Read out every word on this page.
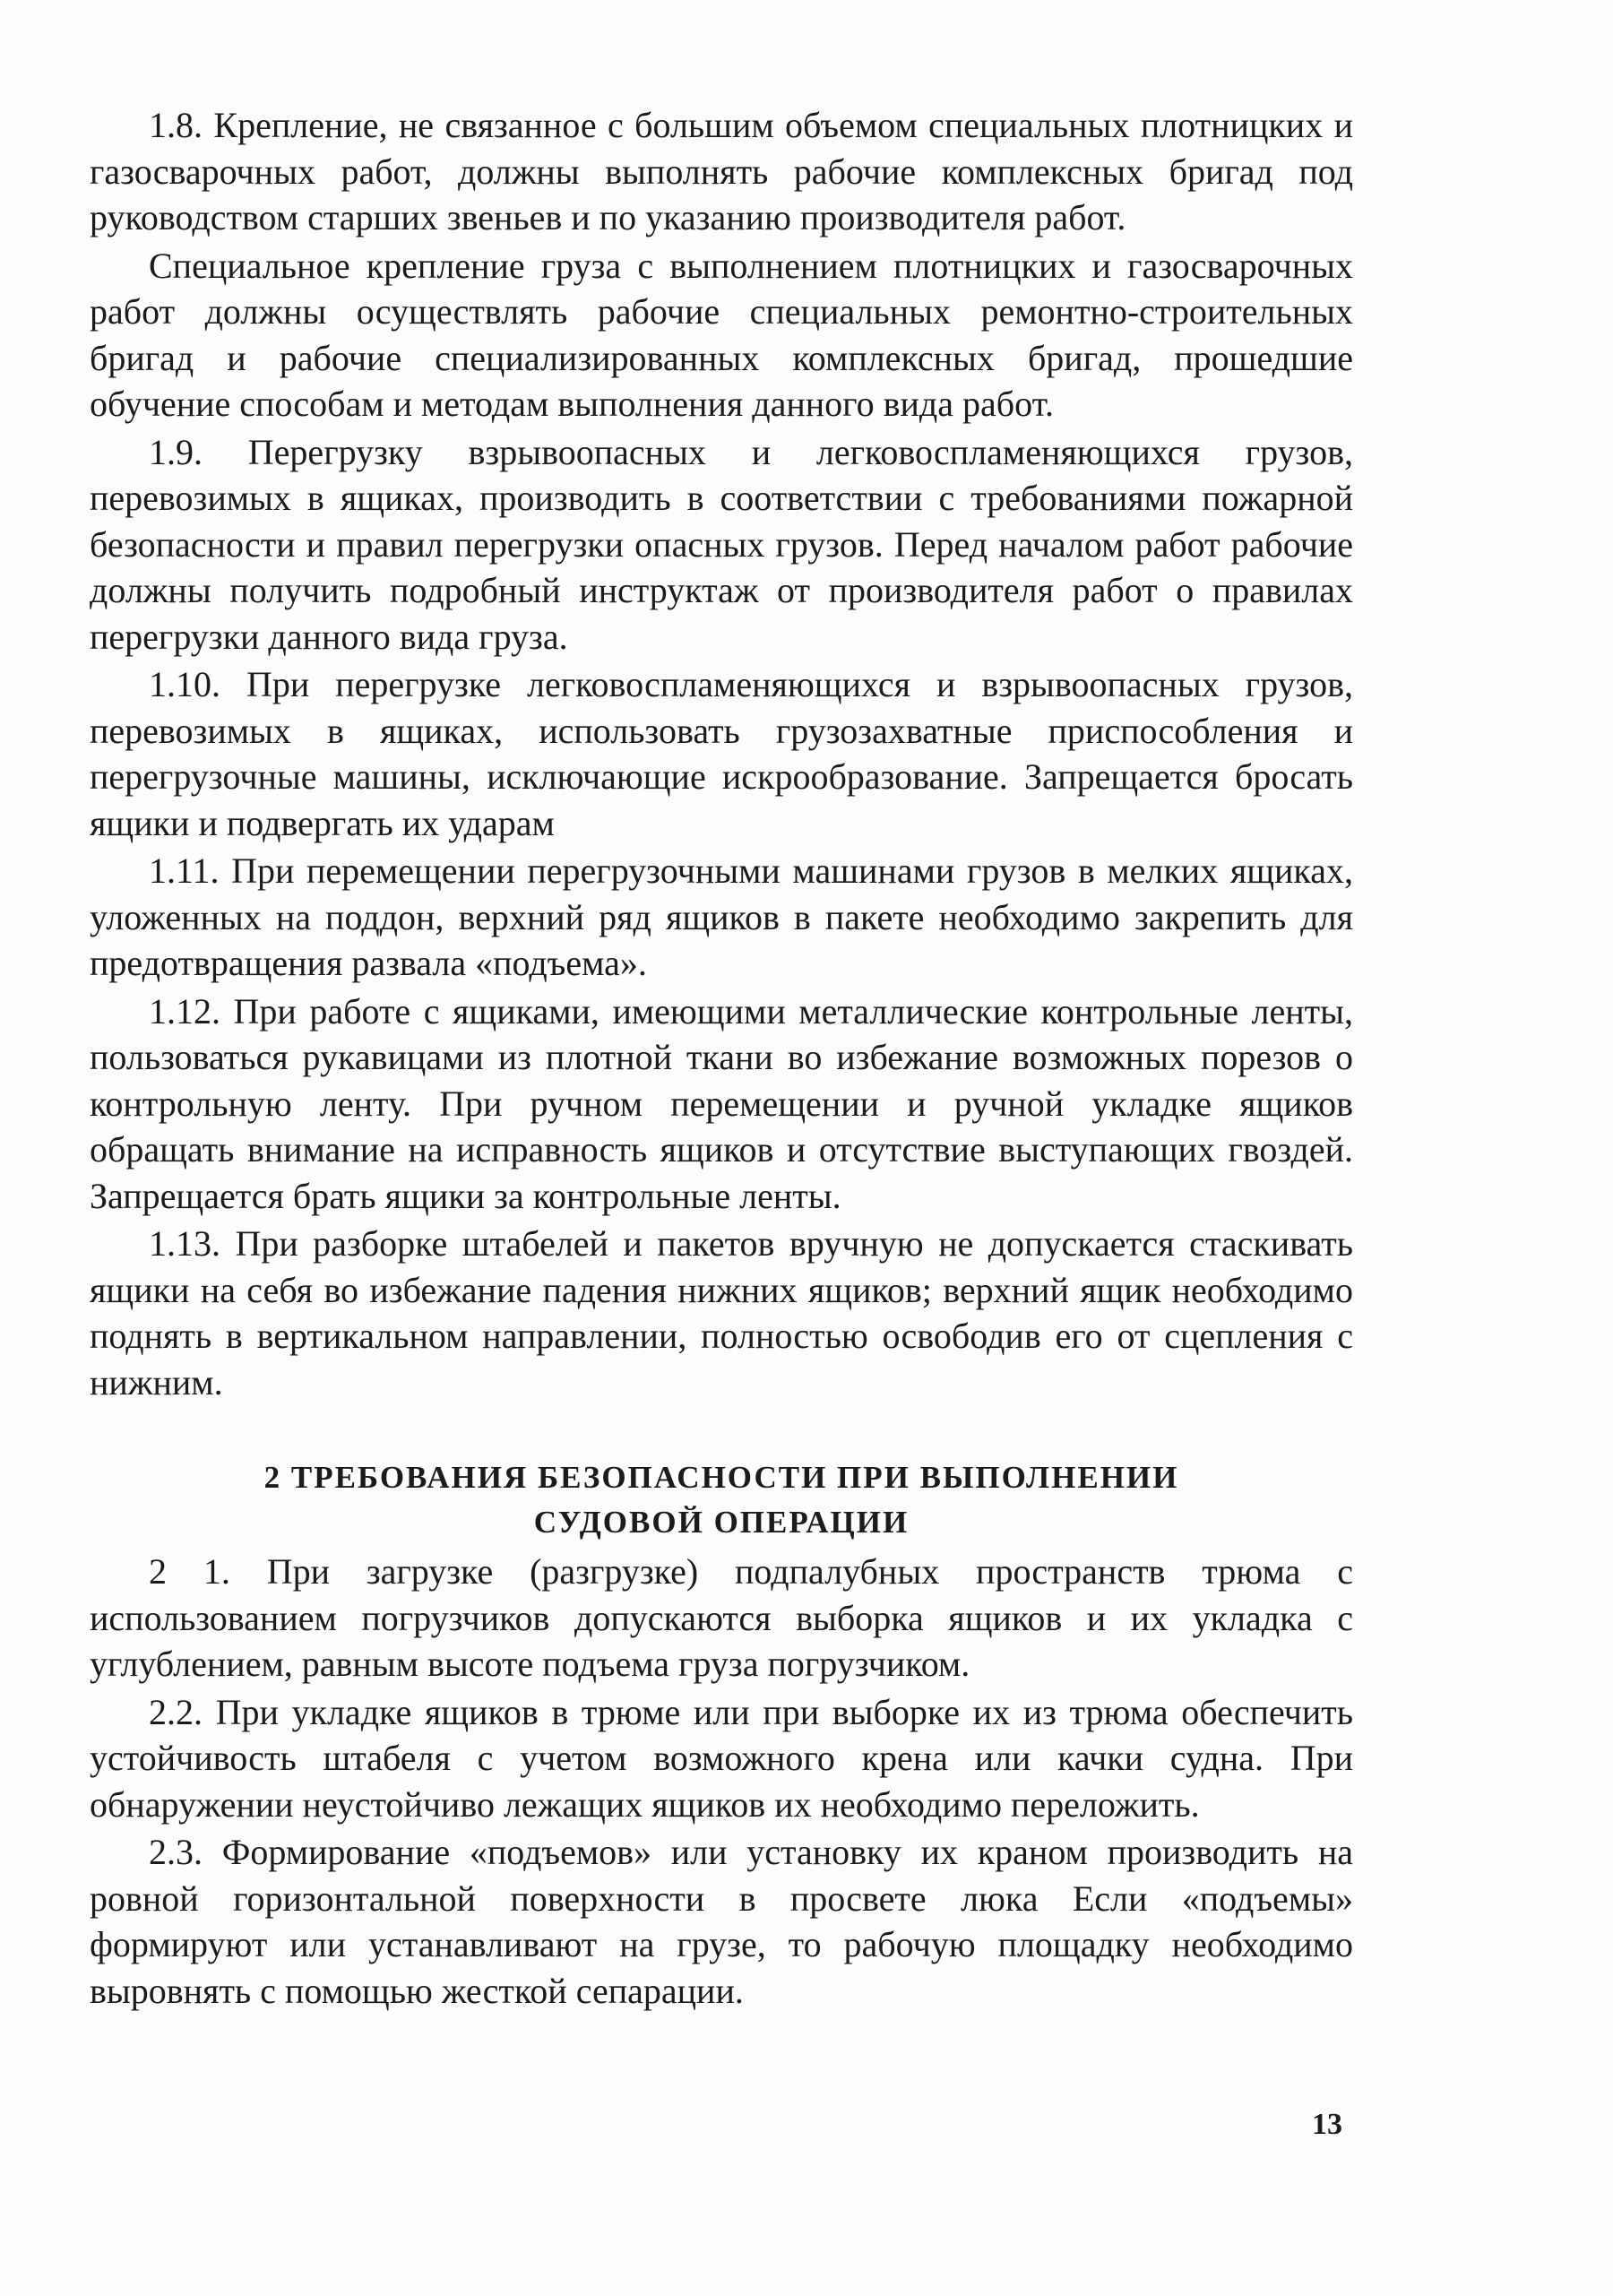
1.8. Крепление, не связанное с большим объемом специальных плотницких и газосварочных работ, должны выполнять рабочие комплексных бригад под руководством старших звеньев и по указанию производителя работ.

Специальное крепление груза с выполнением плотницких и газосварочных работ должны осуществлять рабочие специальных ремонтно-строительных бригад и рабочие специализированных комплексных бригад, прошедшие обучение способам и методам выполнения данного вида работ.

1.9. Перегрузку взрывоопасных и легковоспламеняющихся грузов, перевозимых в ящиках, производить в соответствии с требованиями пожарной безопасности и правил перегрузки опасных грузов. Перед началом работ рабочие должны получить подробный инструктаж от производителя работ о правилах перегрузки данного вида груза.

1.10. При перегрузке легковоспламеняющихся и взрывоопасных грузов, перевозимых в ящиках, использовать грузозахватные приспособления и перегрузочные машины, исключающие искрообразование. Запрещается бросать ящики и подвергать их ударам

1.11. При перемещении перегрузочными машинами грузов в мелких ящиках, уложенных на поддон, верхний ряд ящиков в пакете необходимо закрепить для предотвращения развала «подъема».

1.12. При работе с ящиками, имеющими металлические контрольные ленты, пользоваться рукавицами из плотной ткани во избежание возможных порезов о контрольную ленту. При ручном перемещении и ручной укладке ящиков обращать внимание на исправность ящиков и отсутствие выступающих гвоздей. Запрещается брать ящики за контрольные ленты.

1.13. При разборке штабелей и пакетов вручную не допускается стаскивать ящики на себя во избежание падения нижних ящиков; верхний ящик необходимо поднять в вертикальном направлении, полностью освободив его от сцепления с нижним.

2 ТРЕБОВАНИЯ БЕЗОПАСНОСТИ ПРИ ВЫПОЛНЕНИИ
СУДОВОЙ ОПЕРАЦИИ

2 1. При загрузке (разгрузке) подпалубных пространств трюма с использованием погрузчиков допускаются выборка ящиков и их укладка с углублением, равным высоте подъема груза погрузчиком.

2.2. При укладке ящиков в трюме или при выборке их из трюма обеспечить устойчивость штабеля с учетом возможного крена или качки судна. При обнаружении неустойчиво лежащих ящиков их необходимо переложить.

2.3. Формирование «подъемов» или установку их краном производить на ровной горизонтальной поверхности в просвете люка Если «подъемы» формируют или устанавливают на грузе, то рабочую площадку необходимо выровнять с помощью жесткой сепарации.

13
